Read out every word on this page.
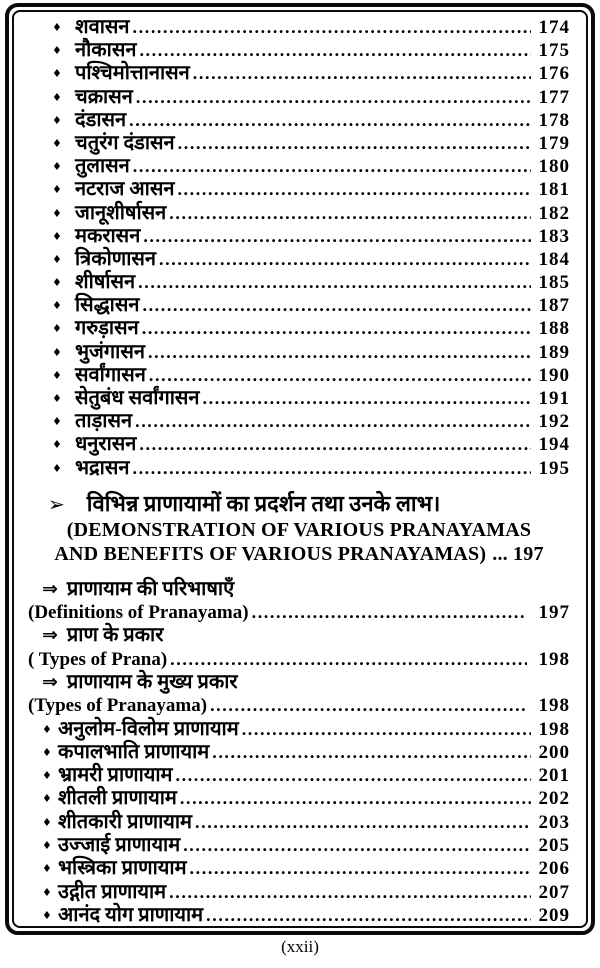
♦ शवासन .....	174
♦ नौकासन .....	175
♦ पश्चिमोत्तानासन .....	176
♦ चक्रासन .....	177
♦ दंडासन .....	178
♦ चतुरंग दंडासन .....	179
♦ तुलासन .....	180
♦ नटराज आसन .....	181
♦ जानूशीर्षासन .....	182
♦ मकरासन .....	183
♦ त्रिकोणासन .....	184
♦ शीर्षासन .....	185
♦ सिद्धासन .....	187
♦ गरुड़ासन .....	188
♦ भुजंगासन .....	189
♦ सर्वांगासन .....	190
♦ सेतुबंध सर्वांगासन .....	191
♦ ताड़ासन .....	192
♦ धनुरासन .....	194
♦ भद्रासन .....	195
➢ विभिन्न प्राणायामों का प्रदर्शन तथा उनके लाभ।
(DEMONSTRATION OF VARIOUS PRANAYAMAS
AND BENEFITS OF VARIOUS PRANAYAMAS) ... 197
⇒ प्राणायाम की परिभाषाएँ
(Definitions of Pranayama) .....	197
⇒ प्राण के प्रकार
( Types of Prana) .....	198
⇒ प्राणायाम के मुख्य प्रकार
(Types of Pranayama) .....	198
♦ अनुलोम-विलोम प्राणायाम .....	198
♦ कपालभाति प्राणायाम .....	200
♦ भ्रामरी प्राणायाम .....	201
♦ शीतली प्राणायाम .....	202
♦ शीतकारी प्राणायाम .....	203
♦ उज्जाई प्राणायाम .....	205
♦ भस्त्रिका प्राणायाम .....	206
♦ उद्गीत प्राणायाम .....	207
♦ आनंद योग प्राणायाम .....	209
(xxii)
